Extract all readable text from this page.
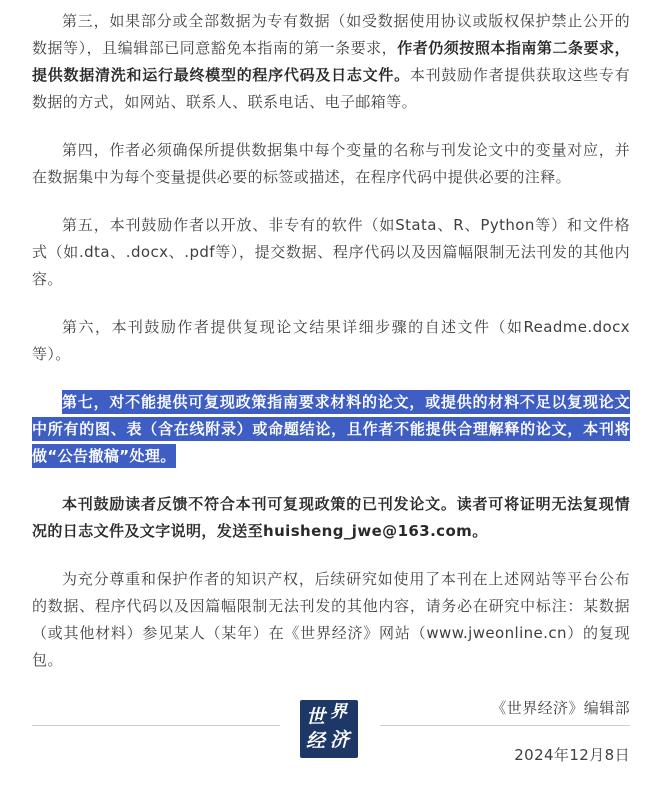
第三，如果部分或全部数据为专有数据（如受数据使用协议或版权保护禁止公开的数据等），且编辑部已同意豁免本指南的第一条要求，作者仍须按照本指南第二条要求，提供数据清洗和运行最终模型的程序代码及日志文件。本刊鼓励作者提供获取这些专有数据的方式，如网站、联系人、联系电话、电子邮箱等。

第四，作者必须确保所提供数据集中每个变量的名称与刊发论文中的变量对应，并在数据集中为每个变量提供必要的标签或描述，在程序代码中提供必要的注释。

第五，本刊鼓励作者以开放、非专有的软件（如Stata、R、Python等）和文件格式（如.dta、.docx、.pdf等），提交数据、程序代码以及因篇幅限制无法刊发的其他内容。

第六，本刊鼓励作者提供复现论文结果详细步骤的自述文件（如Readme.docx等）。

第七，对不能提供可复现政策指南要求材料的论文，或提供的材料不足以复现论文中所有的图、表（含在线附录）或命题结论，且作者不能提供合理解释的论文，本刊将做“公告撤稿”处理。

本刊鼓励读者反馈不符合本刊可复现政策的已刊发论文。读者可将证明无法复现情况的日志文件及文字说明，发送至huisheng_jwe@163.com。

为充分尊重和保护作者的知识产权，后续研究如使用了本刊在上述网站等平台公布的数据、程序代码以及因篇幅限制无法刊发的其他内容，请务必在研究中标注：某数据（或其他材料）参见某人（某年）在《世界经济》网站（www.jweonline.cn）的复现包。

《世界经济》编辑部

2024年12月8日

世 界
经 济
